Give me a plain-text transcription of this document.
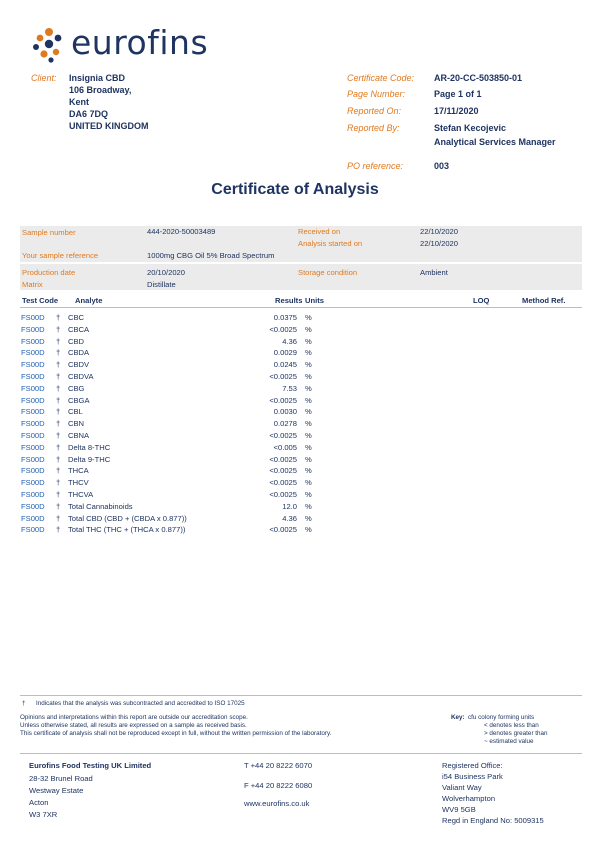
eurofins
Client: Insignia CBD
106 Broadway,
Kent
DA6 7DQ
UNITED KINGDOM
Certificate Code: AR-20-CC-503850-01
Page Number:	Page 1 of 1
Reported On:	17/11/2020
Reported By:	Stefan Kecojevic
Analytical Services Manager
PO reference:	003
Certificate of Analysis
Sample number	444-2020-50003489	Received on	22/10/2020
Analysis started on	22/10/2020
Your sample reference	1000mg CBG Oil 5% Broad Spectrum
Production date	20/10/2020	Storage condition	Ambient
Matrix	Distillate
Test Code Analyte	Results Units	LOQ	Method Ref.
FS00D † CBC	0.0375 %
FS00D † CBCA	<0.0025 %
FS00D † CBD	4.36 %
FS00D † CBDA	0.0029 %
FS00D † CBDV	0.0245 %
FS00D † CBDVA	<0.0025 %
FS00D † CBG	7.53 %
FS00D † CBGA	<0.0025 %
FS00D † CBL	0.0030 %
FS00D † CBN	0.0278 %
FS00D † CBNA	<0.0025 %
FS00D † Delta 8-THC	<0.005 %
FS00D † Delta 9-THC	<0.0025 %
FS00D † THCA	<0.0025 %
FS00D † THCV	<0.0025 %
FS00D † THCVA	<0.0025 %
FS00D † Total Cannabinoids	12.0 %
FS00D † Total CBD (CBD + (CBDA x 0.877))	4.36 %
FS00D † Total THC (THC + (THCA x 0.877))	<0.0025 %
† Indicates that the analysis was subcontracted and accredited to ISO 17025
Opinions and interpretations within this report are outside our accreditation scope.
Unless otherwise stated, all results are expressed on a sample as received basis.
This certificate of analysis shall not be reproduced except in full, without the written permission of the laboratory.
Key: cfu colony forming units
< denotes less than
> denotes greater than
~ estimated value
Eurofins Food Testing UK Limited
28-32 Brunel Road
Westway Estate
Acton
W3 7XR
T +44 20 8222 6070
F +44 20 8222 6080
www.eurofins.co.uk
Registered Office:
i54 Business Park
Valiant Way
Wolverhampton
WV9 5GB
Regd in England No: 5009315
